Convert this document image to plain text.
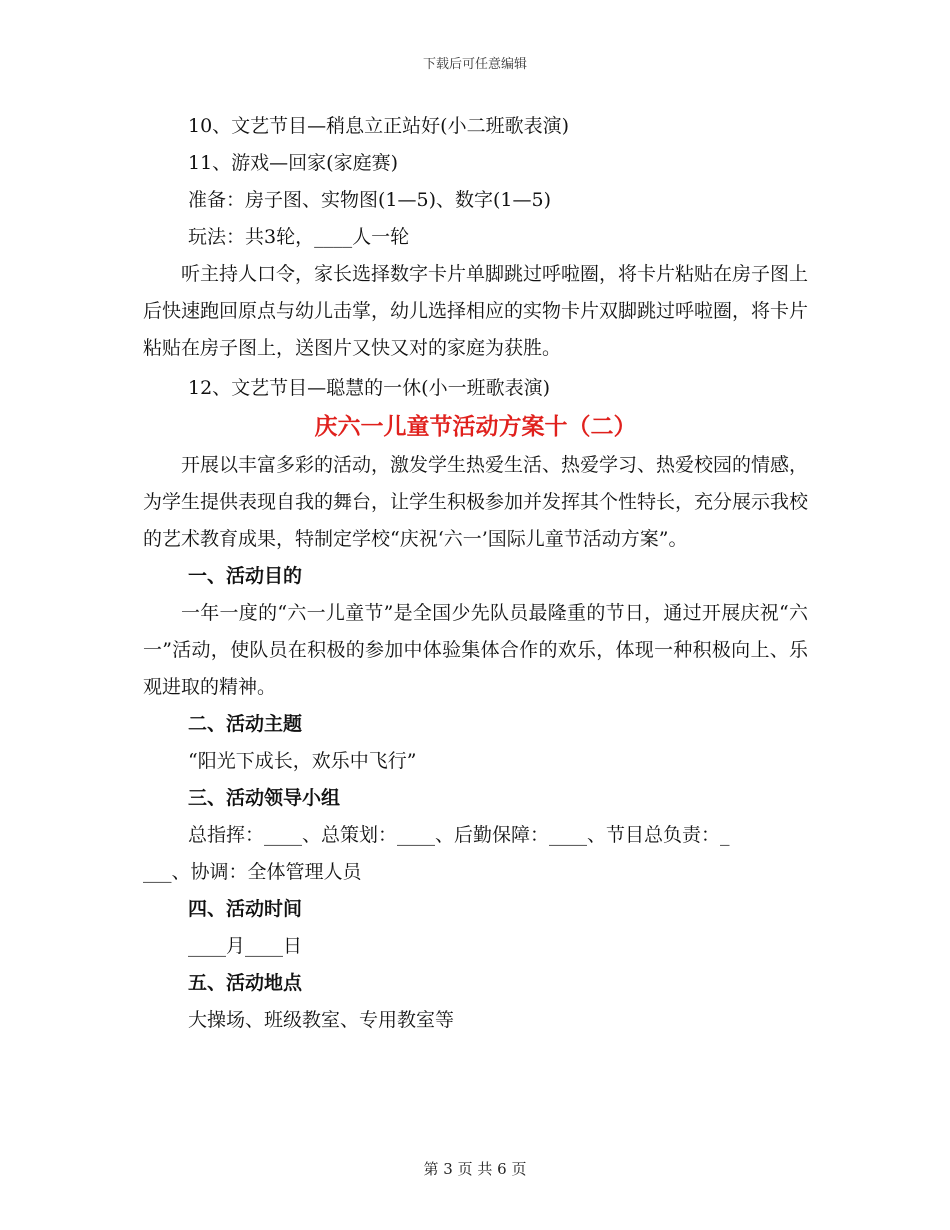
下载后可任意编辑

10、文艺节目—稍息立正站好(小二班歌表演)

11、游戏—回家(家庭赛)

准备：房子图、实物图(1—5)、数字(1—5)

玩法：共3轮，____人一轮

听主持人口令，家长选择数字卡片单脚跳过呼啦圈，将卡片粘贴在房子图上后快速跑回原点与幼儿击掌，幼儿选择相应的实物卡片双脚跳过呼啦圈，将卡片粘贴在房子图上，送图片又快又对的家庭为获胜。

12、文艺节目—聪慧的一休(小一班歌表演)

庆六一儿童节活动方案十（二）

开展以丰富多彩的活动，激发学生热爱生活、热爱学习、热爱校园的情感，为学生提供表现自我的舞台，让学生积极参加并发挥其个性特长，充分展示我校的艺术教育成果，特制定学校“庆祝‘六一’国际儿童节活动方案”。

一、活动目的

一年一度的“六一儿童节”是全国少先队员最隆重的节日，通过开展庆祝“六一”活动，使队员在积极的参加中体验集体合作的欢乐，体现一种积极向上、乐观进取的精神。

二、活动主题

“阳光下成长，欢乐中飞行”

三、活动领导小组

总指挥：____、总策划：____、后勤保障：____、节目总负责：_

___、协调：全体管理人员

四、活动时间

____月____日

五、活动地点

大操场、班级教室、专用教室等

第 3 页 共 6 页
